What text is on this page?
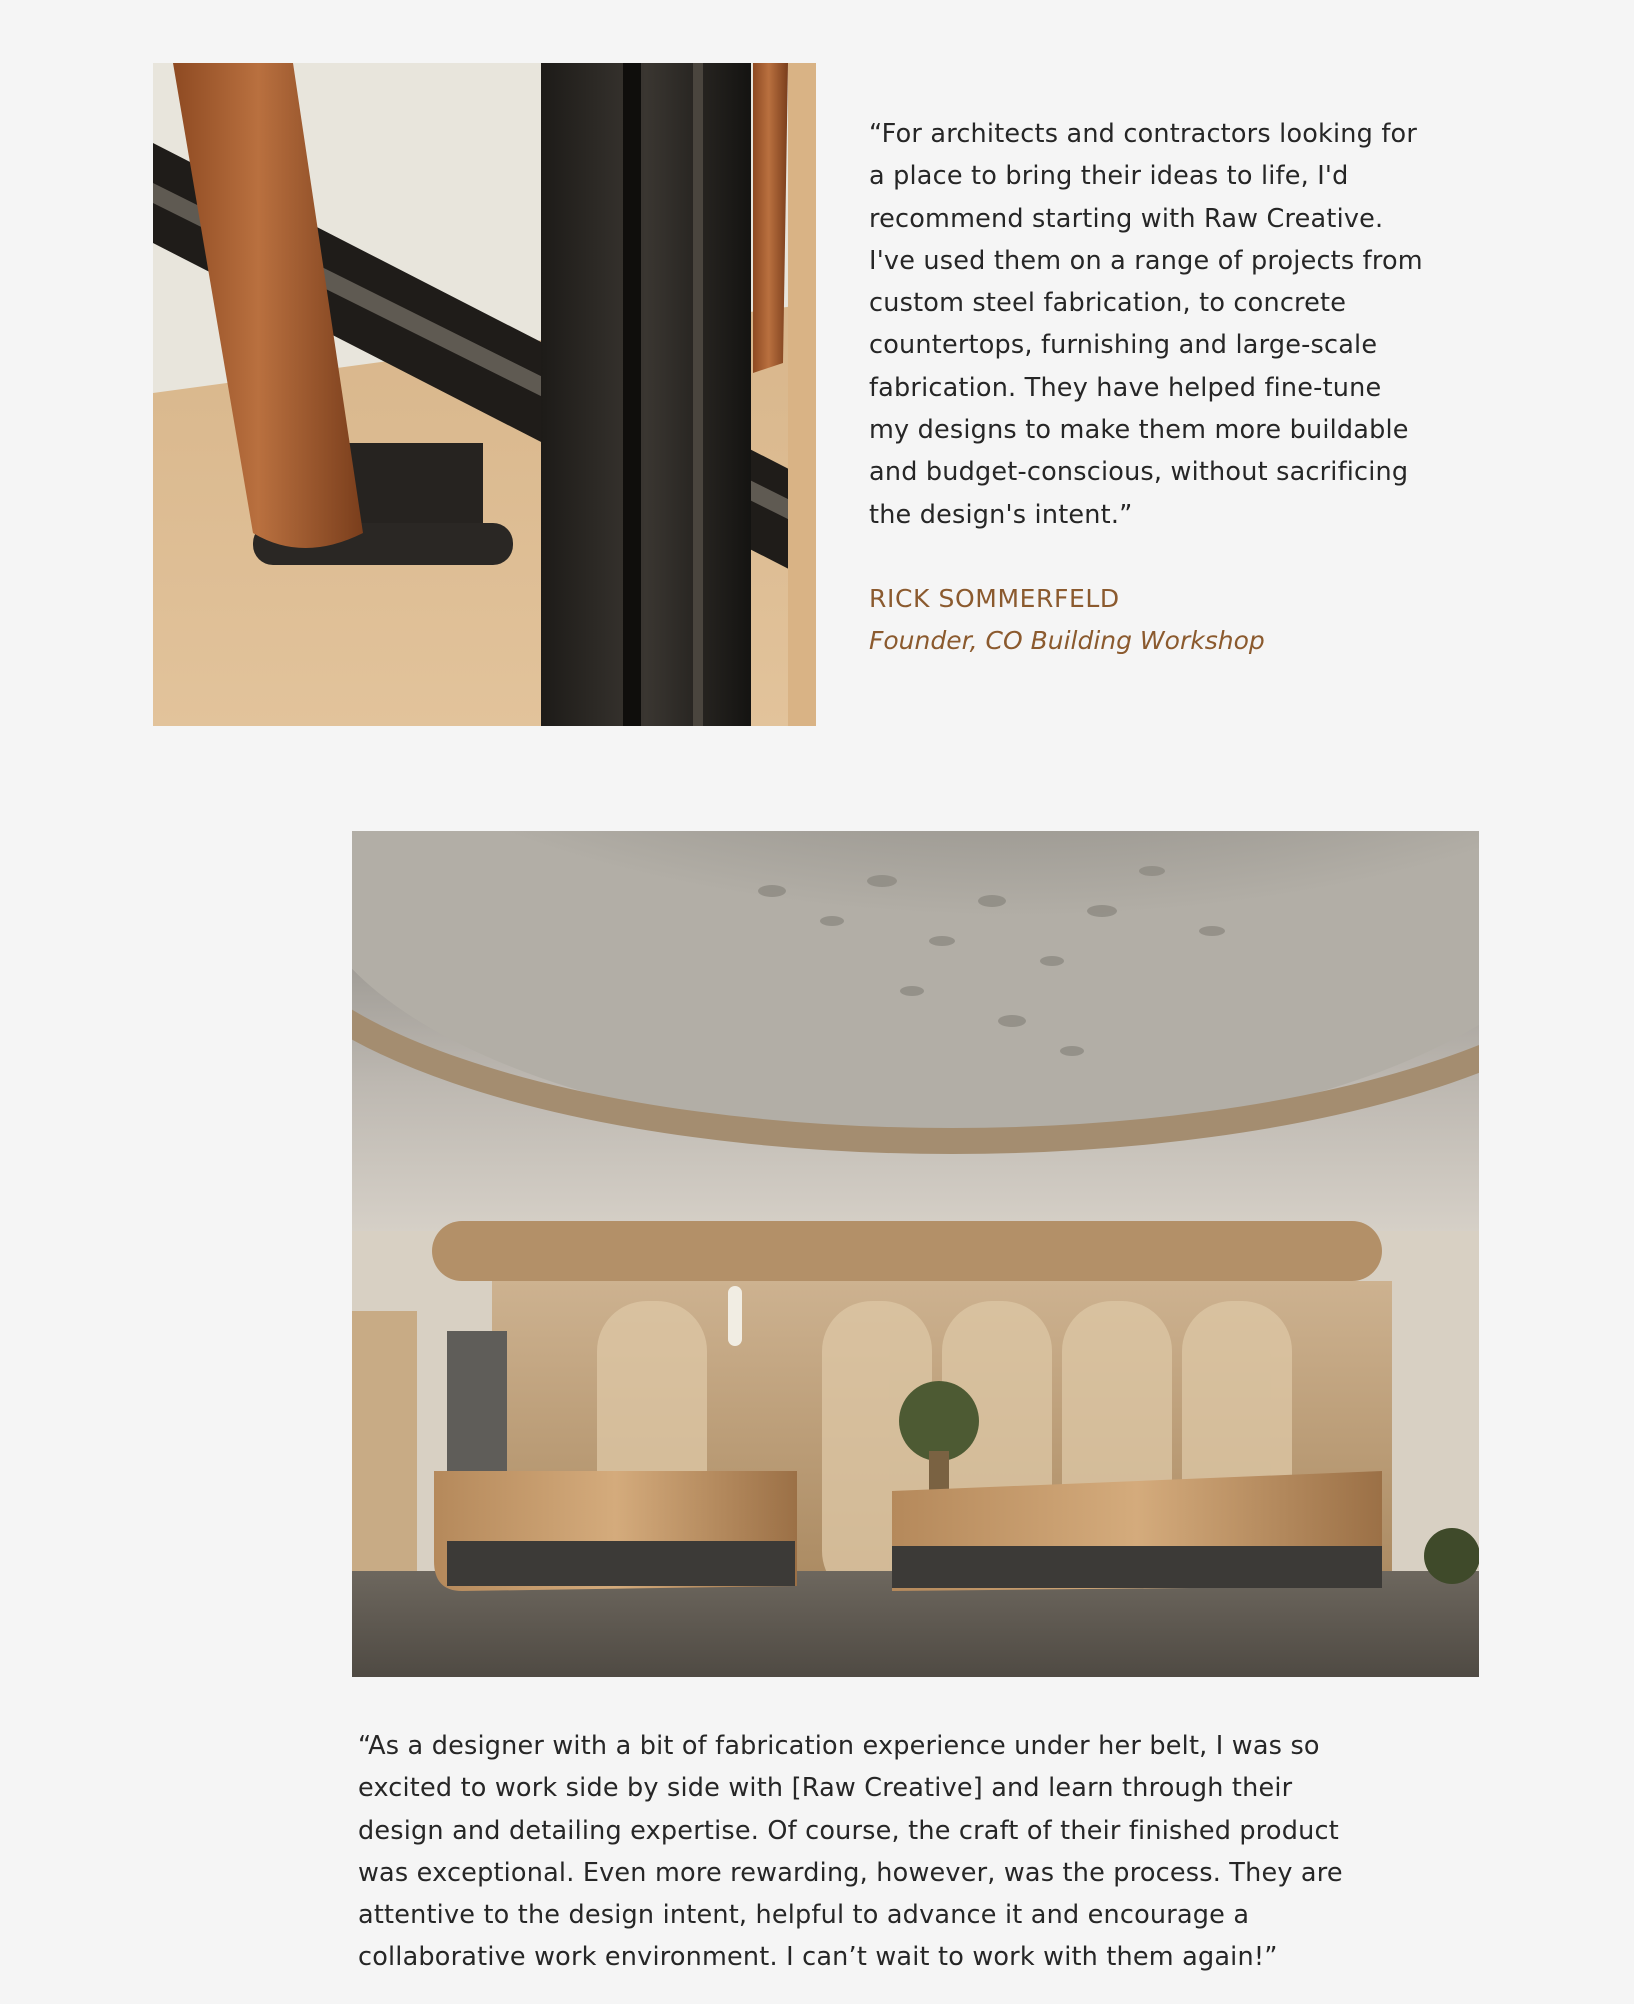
“For architects and contractors looking for a place to bring their ideas to life, I'd recommend starting with Raw Creative. I've used them on a range of projects from custom steel fabrication, to concrete countertops, furnishing and large-scale fabrication. They have helped fine-tune my designs to make them more buildable and budget-conscious, without sacrificing the design's intent.”

RICK SOMMERFELD

Founder, CO Building Workshop

“As a designer with a bit of fabrication experience under her belt, I was so excited to work side by side with [Raw Creative] and learn through their design and detailing expertise. Of course, the craft of their finished product was exceptional. Even more rewarding, however, was the process. They are attentive to the design intent, helpful to advance it and encourage a collaborative work environment. I can’t wait to work with them again!”
